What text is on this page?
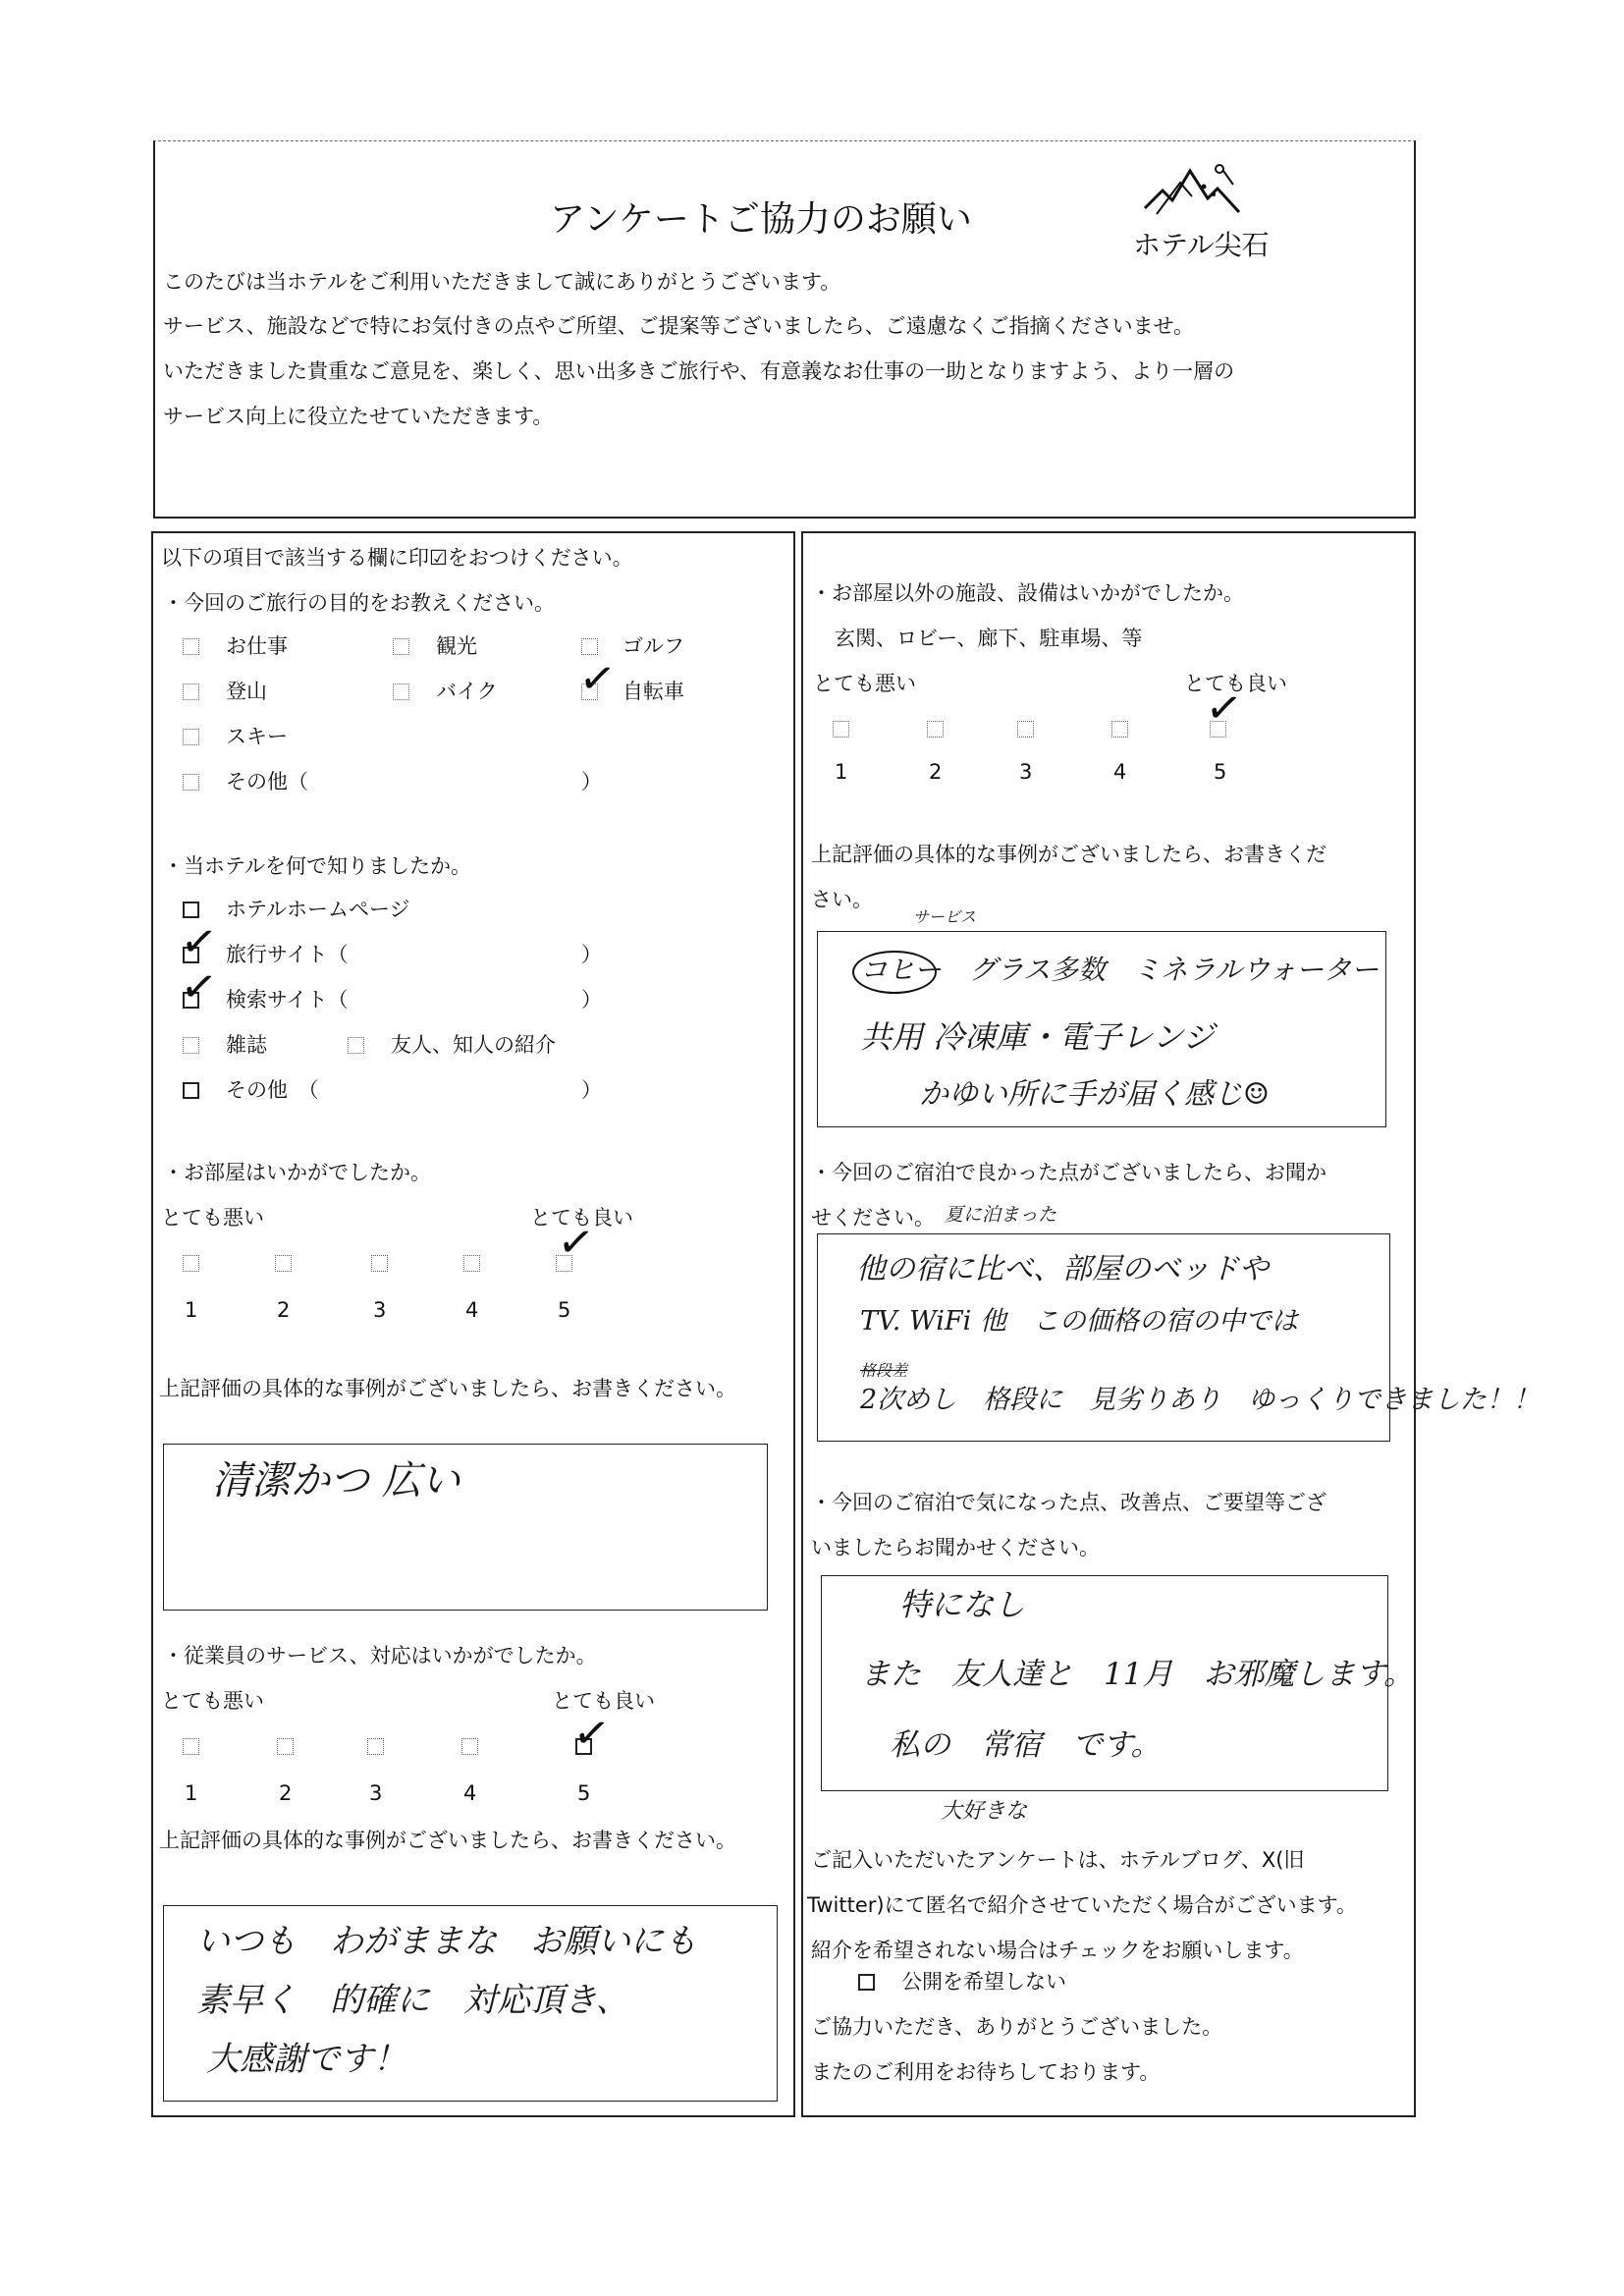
アンケートご協力のお願い
ホテル尖石
このたびは当ホテルをご利用いただきまして誠にありがとうございます。
サービス、施設などで特にお気付きの点やご所望、ご提案等ございましたら、ご遠慮なくご指摘くださいませ。
いただきました貴重なご意見を、楽しく、思い出多きご旅行や、有意義なお仕事の一助となりますよう、より一層の
サービス向上に役立たせていただきます。
以下の項目で該当する欄に印☑をおつけください。
・今回のご旅行の目的をお教えください。
お仕事	観光	ゴルフ
登山	バイク ✓ 自転車
スキー
その他（	）
・当ホテルを何で知りましたか。
ホテルホームページ
✓ 旅行サイト（	）
✓ 検索サイト（	）
雑誌	友人、知人の紹介
その他　（	）
・お部屋はいかがでしたか。
とても悪い	とても良い
✓
1	2	3	4	5
上記評価の具体的な事例がございましたら、お書きください。
清潔かつ 広い
・従業員のサービス、対応はいかがでしたか。
とても悪い	とても良い
✓
1	2	3	4	5
上記評価の具体的な事例がございましたら、お書きください。
いつも　わがままな　お願いにも
素早く　的確に　対応頂き、
大感謝です！
・お部屋以外の施設、設備はいかがでしたか。
玄関、ロビー、廊下、駐車場、等
とても悪い	とても良い
✓
1	2	3	4	5
上記評価の具体的な事例がございましたら、お書きくだ
さい。
サービス
コヒー　グラス多数　ミネラルウォーター
共用 冷凍庫・電子レンジ
かゆい所に手が届く感じ☺
・今回のご宿泊で良かった点がございましたら、お聞か
せください。 夏に泊まった
他の宿に比べ、部屋のベッドや
TV. WiFi 他　この価格の宿の中では
格段差
2次めし　格段に　見劣りあり　ゆっくりできました！！
・今回のご宿泊で気になった点、改善点、ご要望等ござ
いましたらお聞かせください。
特になし
また　友人達と　11月　お邪魔します。
私の　常宿　です。
大好きな
ご記入いただいたアンケートは、ホテルブログ、X(旧
Twitter)にて匿名で紹介させていただく場合がございます。
紹介を希望されない場合はチェックをお願いします。
公開を希望しない
ご協力いただき、ありがとうございました。
またのご利用をお待ちしております。
